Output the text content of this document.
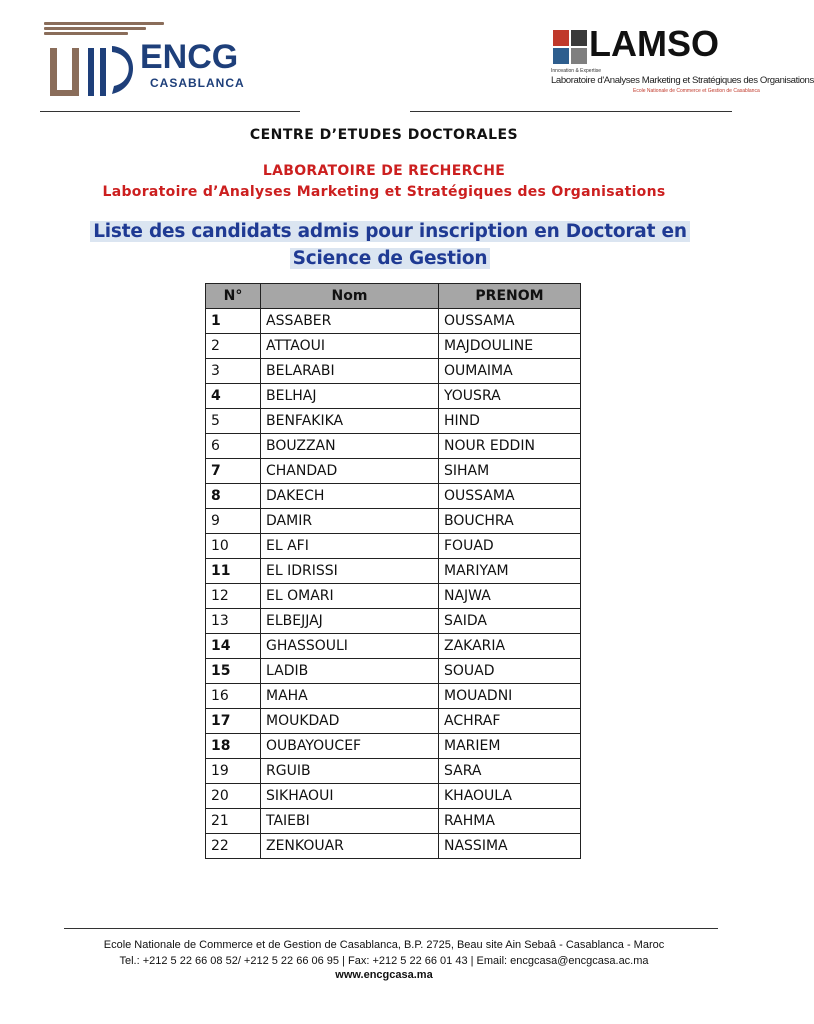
ENCG
CASABLANCA
LAMSO
Innovation & Expertise
Laboratoire d'Analyses Marketing et Stratégiques des Organisations
Ecole Nationale de Commerce et Gestion de Casablanca
CENTRE D’ETUDES DOCTORALES
LABORATOIRE DE RECHERCHE
Laboratoire d’Analyses Marketing et Stratégiques des Organisations
Liste des candidats admis pour inscription en Doctorat en
Science de Gestion
N°	Nom	PRENOM
1	ASSABER	OUSSAMA
2	ATTAOUI	MAJDOULINE
3	BELARABI	OUMAIMA
4	BELHAJ	YOUSRA
5	BENFAKIKA	HIND
6	BOUZZAN	NOUR EDDIN
7	CHANDAD	SIHAM
8	DAKECH	OUSSAMA
9	DAMIR	BOUCHRA
10	EL AFI	FOUAD
11	EL IDRISSI	MARIYAM
12	EL OMARI	NAJWA
13	ELBEJJAJ	SAIDA
14	GHASSOULI	ZAKARIA
15	LADIB	SOUAD
16	MAHA	MOUADNI
17	MOUKDAD	ACHRAF
18	OUBAYOUCEF	MARIEM
19	RGUIB	SARA
20	SIKHAOUI	KHAOULA
21	TAIEBI	RAHMA
22	ZENKOUAR	NASSIMA
Ecole Nationale de Commerce et de Gestion de Casablanca, B.P. 2725, Beau site Ain Sebaâ - Casablanca - Maroc
Tel.: +212 5 22 66 08 52/ +212 5 22 66 06 95 | Fax: +212 5 22 66 01 43 | Email: encgcasa@encgcasa.ac.ma
www.encgcasa.ma
